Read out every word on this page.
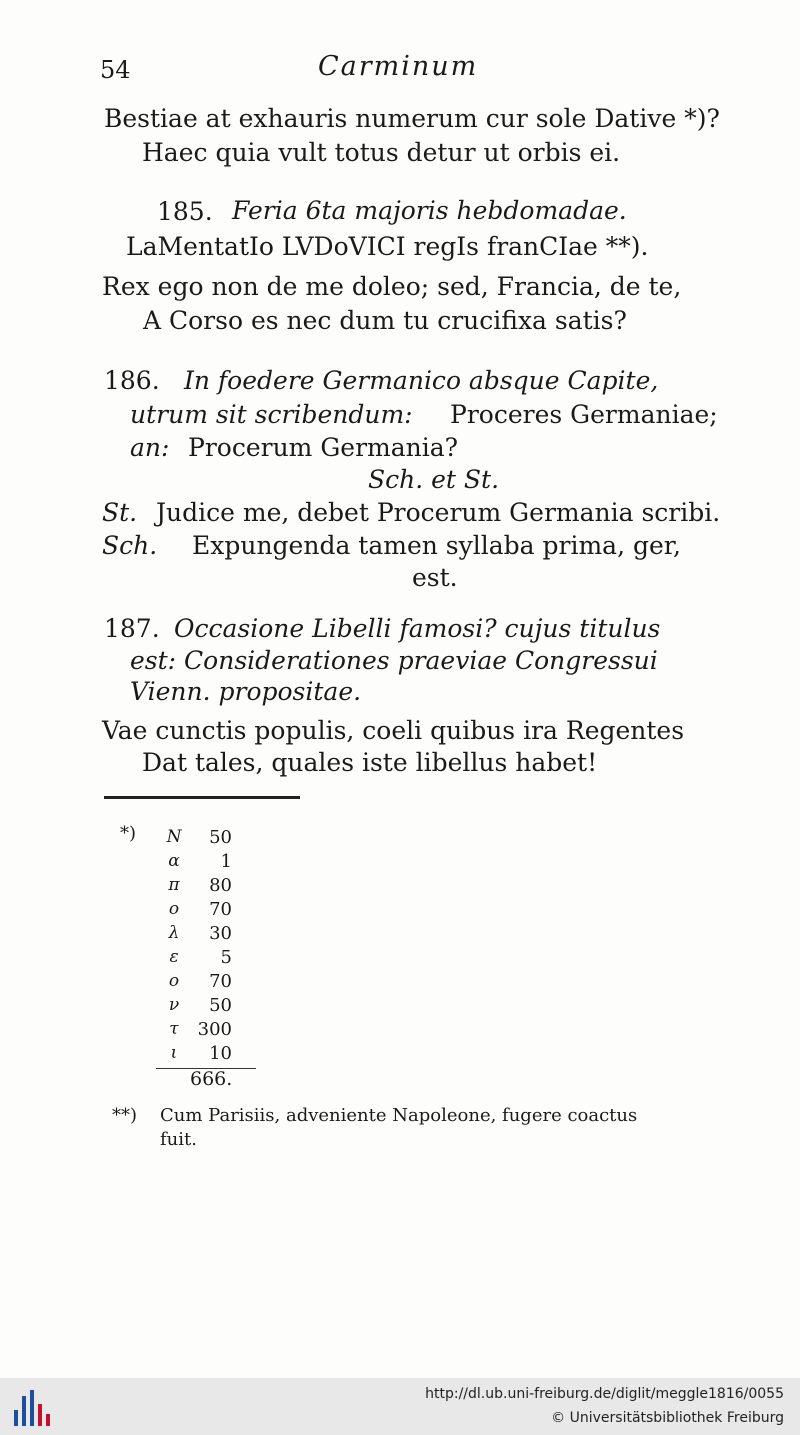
54	Carminum
Bestiae at exhauris numerum cur sole Dative *)?
Haec quia vult totus detur ut orbis ei.
185. Feria 6ta majoris hebdomadae.
LaMentatIo LVDoVICI regIs franCIae **).
Rex ego non de me doleo; sed, Francia, de te,
A Corso es nec dum tu crucifixa satis?
186. In foedere Germanico absque Capite,
utrum sit scribendum: Proceres Germaniae;
an: Procerum Germania?
Sch. et St.
St. Judice me, debet Procerum Germania scribi.
Sch. Expungenda tamen syllaba prima, ger,
est.
187. Occasione Libelli famosi? cujus titulus
est: Considerationes praeviae Congressui
Vienn. propositae.
Vae cunctis populis, coeli quibus ira Regentes
Dat tales, quales iste libellus habet!
*) N	50
α	1
π	80
ο	70
λ	30
ε	5
ο	70
ν	50
τ	300
ι	10
666.
**) Cum Parisiis, adveniente Napoleone, fugere coactus
fuit.
http://dl.ub.uni-freiburg.de/diglit/meggle1816/0055
© Universitätsbibliothek Freiburg
